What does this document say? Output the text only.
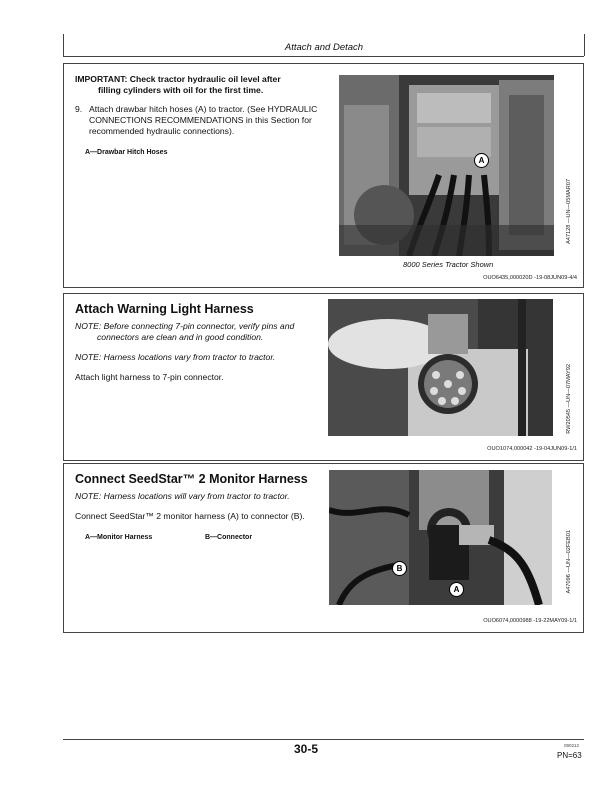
Attach and Detach
IMPORTANT: Check tractor hydraulic oil level after
filling cylinders with oil for the first time.
9. Attach drawbar hitch hoses (A) to tractor. (See HYDRAULIC CONNECTIONS RECOMMENDATIONS in this Section for recommended hydraulic connections).
A—Drawbar Hitch Hoses
A
A47128 —UN—05MAR07
8000 Series Tractor Shown
OUO6435,000020D -19-08JUN09-4/4
Attach Warning Light Harness
NOTE: Before connecting 7-pin connector, verify pins and
connectors are clean and in good condition.
NOTE: Harness locations vary from tractor to tractor.
Attach light harness to 7-pin connector.	RW20545 —UN—07MAY92
OUO1074,000042 -19-04JUN09-1/1
Connect SeedStar™ 2 Monitor Harness
NOTE: Harness locations will vary from tractor to tractor.
Connect SeedStar™ 2 monitor harness (A) to connector (B).
A—Monitor Harness	B—Connector
B
A	A47096 —UN—02FEB01
OUO6074,0000988 -19-22MAY09-1/1
30-5	090212
PN=63
